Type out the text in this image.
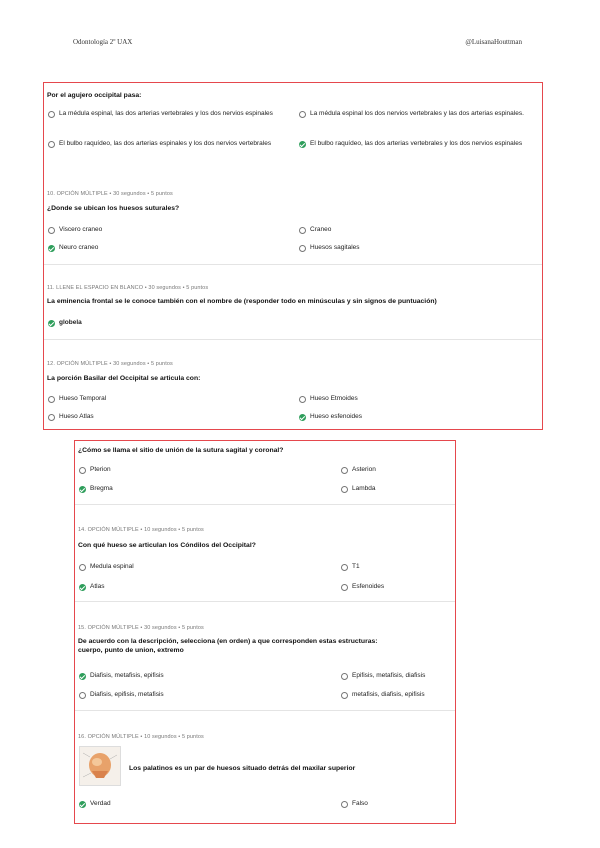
Odontología 2º UAX	@LuisanaHouttman
Por el agujero occipital pasa:
La médula espinal, las dos arterias vertebrales y los dos nervios espinales	La médula espinal los dos nervios vertebrales y las dos arterias espinales.
El bulbo raquídeo, las dos arterias espinales y los dos nervios vertebrales	El bulbo raquídeo, las dos arterias vertebrales y los dos nervios espinales
10. OPCIÓN MÚLTIPLE • 30 segundos • 5 puntos
¿Donde se ubican los huesos suturales?
Viscero craneo	Craneo
Neuro craneo	Huesos sagitales
11. LLENE EL ESPACIO EN BLANCO • 30 segundos • 5 puntos
La eminencia frontal se le conoce también con el nombre de (responder todo en minúsculas y sin signos de puntuación)
globela
12. OPCIÓN MÚLTIPLE • 30 segundos • 5 puntos
La porción Basilar del Occipital se articula con:
Hueso Temporal	Hueso Etmoides
Hueso Atlas	Hueso esfenoides
¿Cómo se llama el sitio de unión de la sutura sagital y coronal?
Pterion	Asterion
Bregma	Lambda
14. OPCIÓN MÚLTIPLE • 10 segundos • 5 puntos
Con qué hueso se articulan los Cóndilos del Occipital?
Medula espinal	T1
Atlas	Esfenoides
15. OPCIÓN MÚLTIPLE • 30 segundos • 5 puntos
De acuerdo con la descripción, selecciona (en orden) a que corresponden estas estructuras: cuerpo, punto de union, extremo
Diafisis, metafisis, epifisis	Epifisis, metafisis, diafisis
Diafisis, epifisis, metafisis	metafisis, diafisis, epifisis
16. OPCIÓN MÚLTIPLE • 10 segundos • 5 puntos
Los palatinos es un par de huesos situado detrás del maxilar superior
Verdad	Falso
